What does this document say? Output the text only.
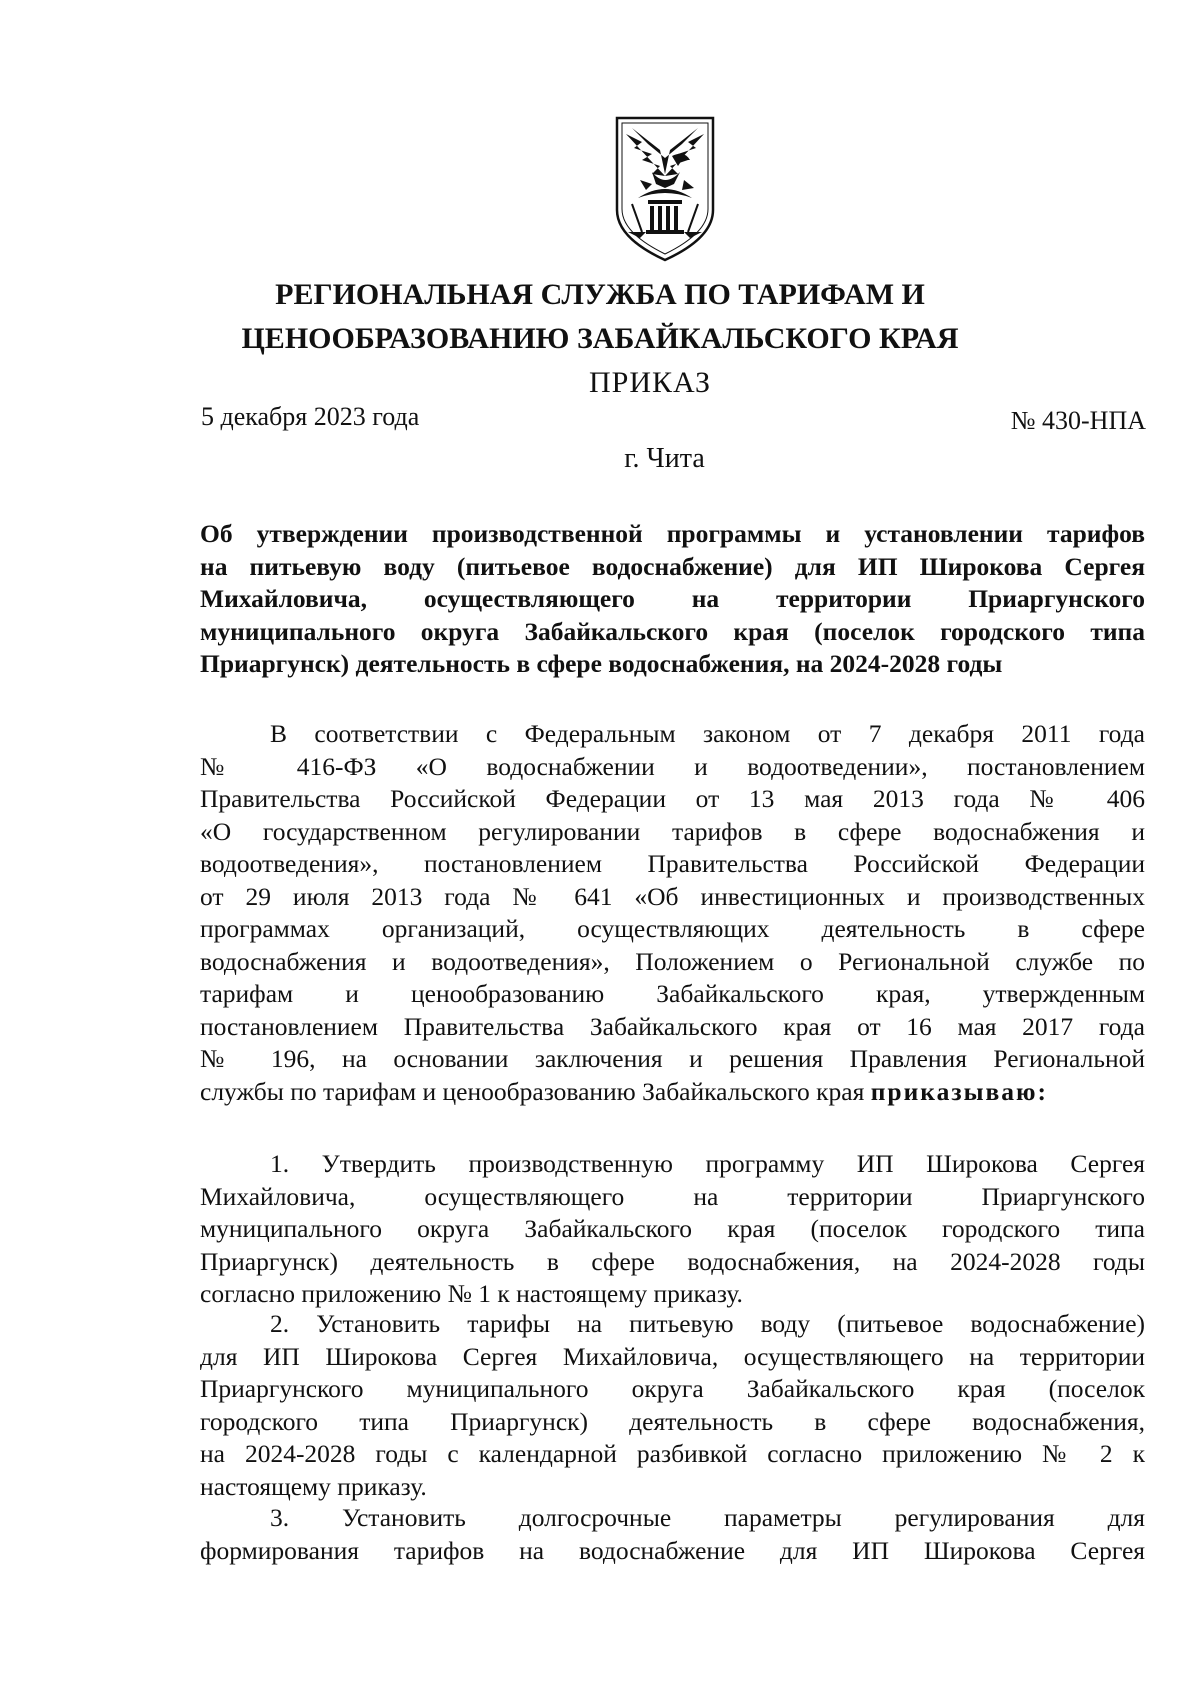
РЕГИОНАЛЬНАЯ СЛУЖБА ПО ТАРИФАМ И
ЦЕНООБРАЗОВАНИЮ ЗАБАЙКАЛЬСКОГО КРАЯ
ПРИКАЗ
5 декабря 2023 года	№ 430-НПА
г. Чита
Об утверждении производственной программы и установлении тарифов
на питьевую воду (питьевое водоснабжение) для ИП Широкова Сергея
Михайловича, осуществляющего на территории Приаргунского
муниципального округа Забайкальского края (поселок городского типа
Приаргунск) деятельность в сфере водоснабжения, на 2024-2028 годы
В соответствии с Федеральным законом от 7 декабря 2011 года
№ 416-ФЗ «О водоснабжении и водоотведении», постановлением
Правительства Российской Федерации от 13 мая 2013 года № 406
«О государственном регулировании тарифов в сфере водоснабжения и
водоотведения», постановлением Правительства Российской Федерации
от 29 июля 2013 года № 641 «Об инвестиционных и производственных
программах организаций, осуществляющих деятельность в сфере
водоснабжения и водоотведения», Положением о Региональной службе по
тарифам и ценообразованию Забайкальского края, утвержденным
постановлением Правительства Забайкальского края от 16 мая 2017 года
№ 196, на основании заключения и решения Правления Региональной
службы по тарифам и ценообразованию Забайкальского края приказываю:
1. Утвердить производственную программу ИП Широкова Сергея
Михайловича, осуществляющего на территории Приаргунского
муниципального округа Забайкальского края (поселок городского типа
Приаргунск) деятельность в сфере водоснабжения, на 2024-2028 годы
согласно приложению № 1 к настоящему приказу.
2. Установить тарифы на питьевую воду (питьевое водоснабжение)
для ИП Широкова Сергея Михайловича, осуществляющего на территории
Приаргунского муниципального округа Забайкальского края (поселок
городского типа Приаргунск) деятельность в сфере водоснабжения,
на 2024-2028 годы с календарной разбивкой согласно приложению № 2 к
настоящему приказу.
3. Установить долгосрочные параметры регулирования для
формирования тарифов на водоснабжение для ИП Широкова Сергея
